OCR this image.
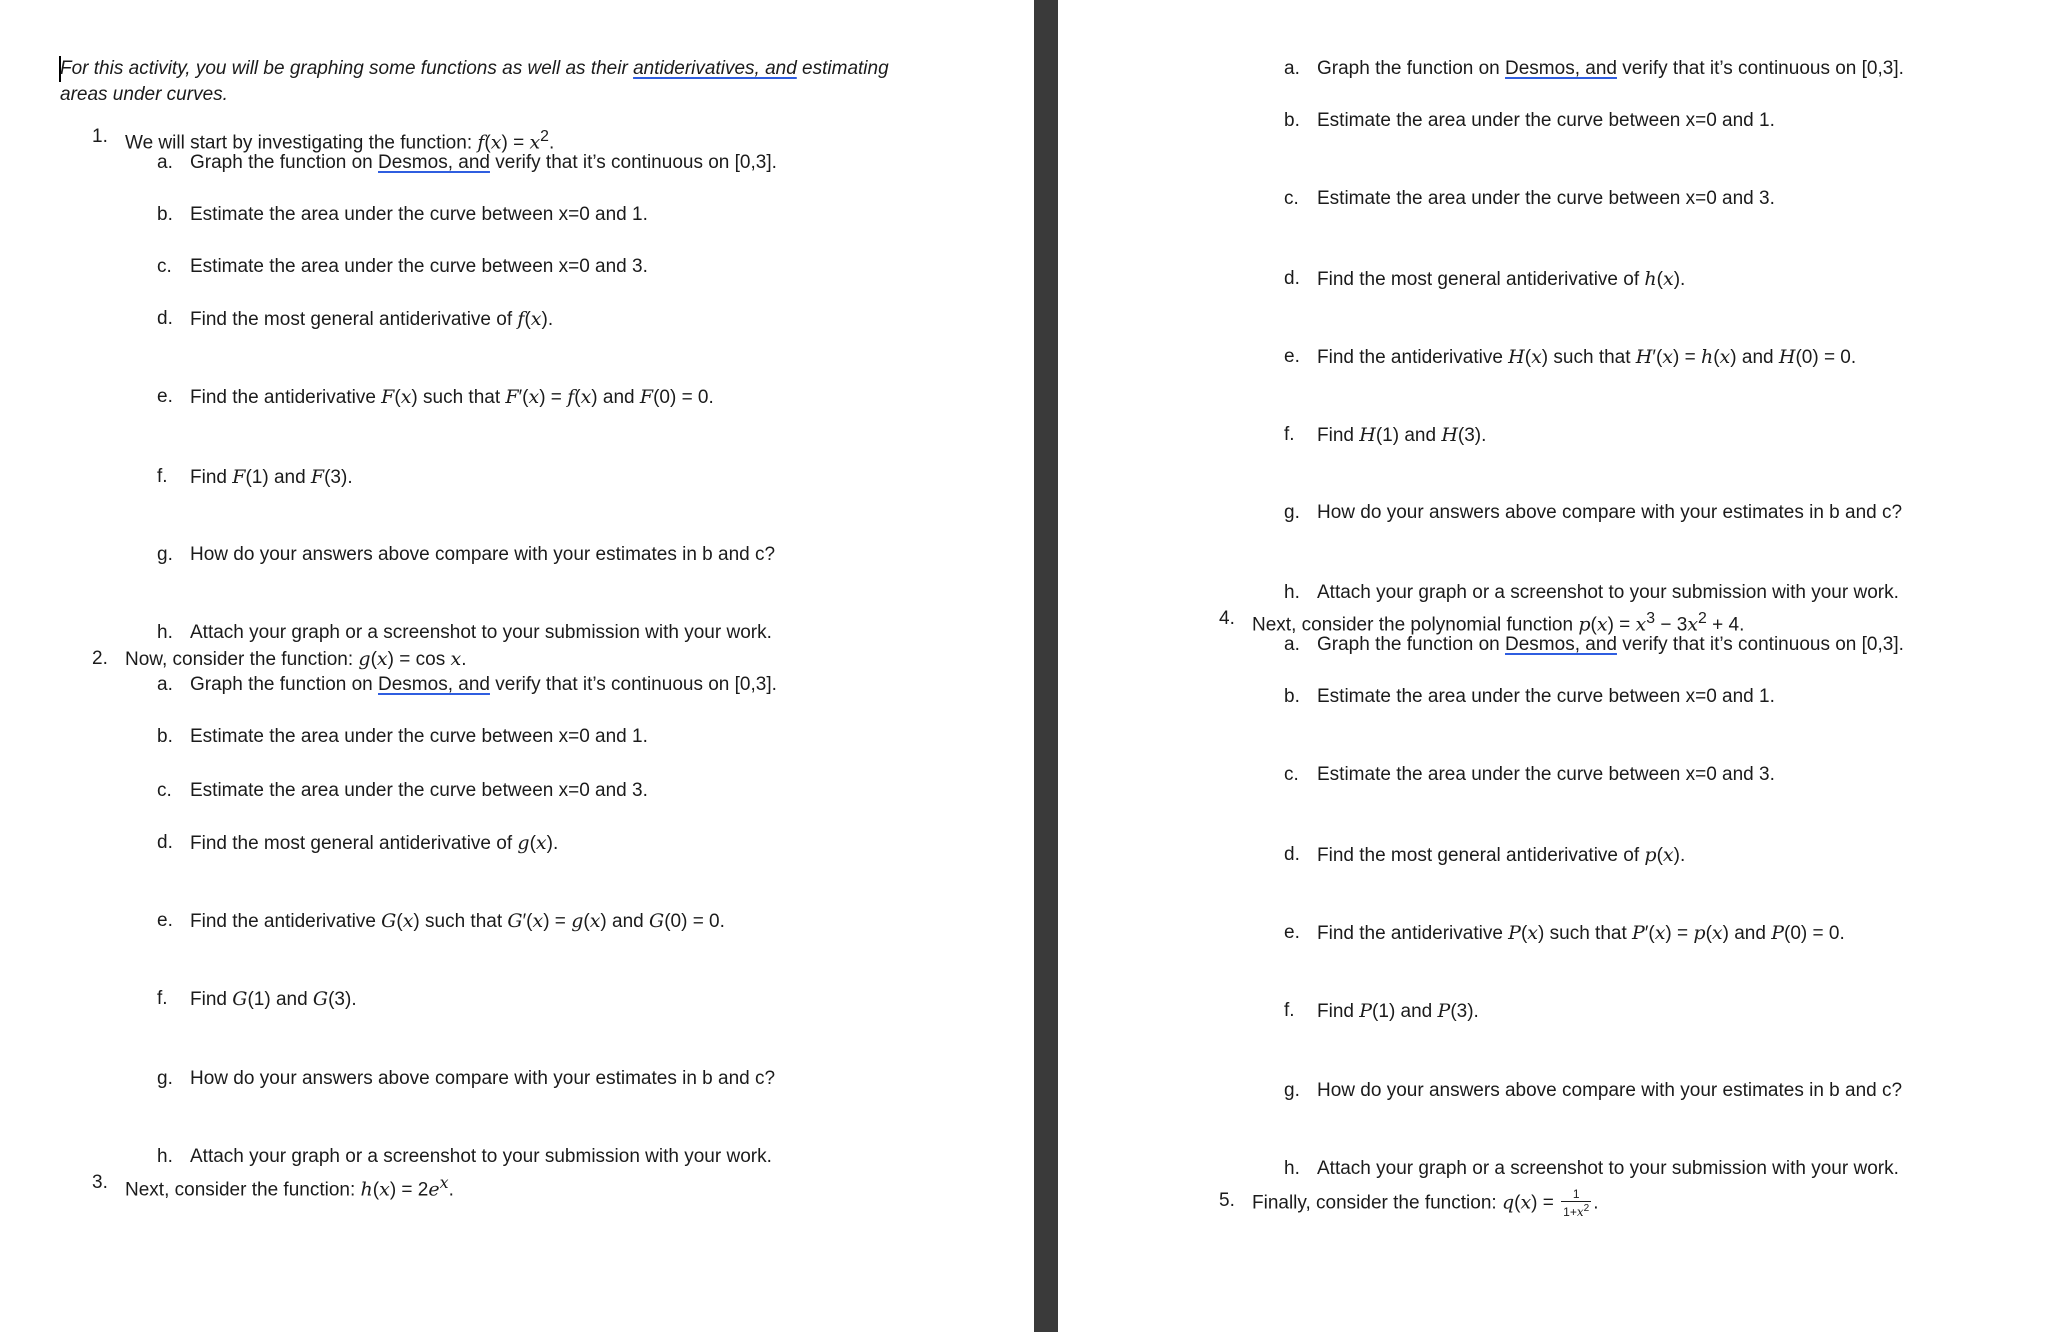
For this activity, you will be graphing some functions as well as their antiderivatives, and estimating
areas under curves.
1. We will start by investigating the function: $f(x) = x^2$.
a. Graph the function on Desmos, and verify that it’s continuous on [0,3].
b. Estimate the area under the curve between x=0 and 1.
c. Estimate the area under the curve between x=0 and 3.
d. Find the most general antiderivative of f(x).
e. Find the antiderivative F(x) such that F′(x) = f(x) and F(0) = 0.
f. Find F(1) and F(3).
g. How do your answers above compare with your estimates in b and c?
h. Attach your graph or a screenshot to your submission with your work.
2. Now, consider the function: g(x) = cos x.
a. Graph the function on Desmos, and verify that it’s continuous on [0,3].
b. Estimate the area under the curve between x=0 and 1.
c. Estimate the area under the curve between x=0 and 3.
d. Find the most general antiderivative of g(x).
e. Find the antiderivative G(x) such that G′(x) = g(x) and G(0) = 0.
f. Find G(1) and G(3).
g. How do your answers above compare with your estimates in b and c?
h. Attach your graph or a screenshot to your submission with your work.
3. Next, consider the function: $h(x) = 2e^x$.
a. Graph the function on Desmos, and verify that it’s continuous on [0,3].
b. Estimate the area under the curve between x=0 and 1.
c. Estimate the area under the curve between x=0 and 3.
d. Find the most general antiderivative of h(x).
e. Find the antiderivative H(x) such that H′(x) = h(x) and H(0) = 0.
f. Find H(1) and H(3).
g. How do your answers above compare with your estimates in b and c?
h. Attach your graph or a screenshot to your submission with your work.
4. Next, consider the polynomial function $p(x) = x^3 - 3x^2 + 4$.
a. Graph the function on Desmos, and verify that it’s continuous on [0,3].
b. Estimate the area under the curve between x=0 and 1.
c. Estimate the area under the curve between x=0 and 3.
d. Find the most general antiderivative of p(x).
e. Find the antiderivative P(x) such that P′(x) = p(x) and P(0) = 0.
f. Find P(1) and P(3).
g. How do your answers above compare with your estimates in b and c?
h. Attach your graph or a screenshot to your submission with your work.
5. Finally, consider the function: $q(x) = \frac{1}{1+x^2}$ .
